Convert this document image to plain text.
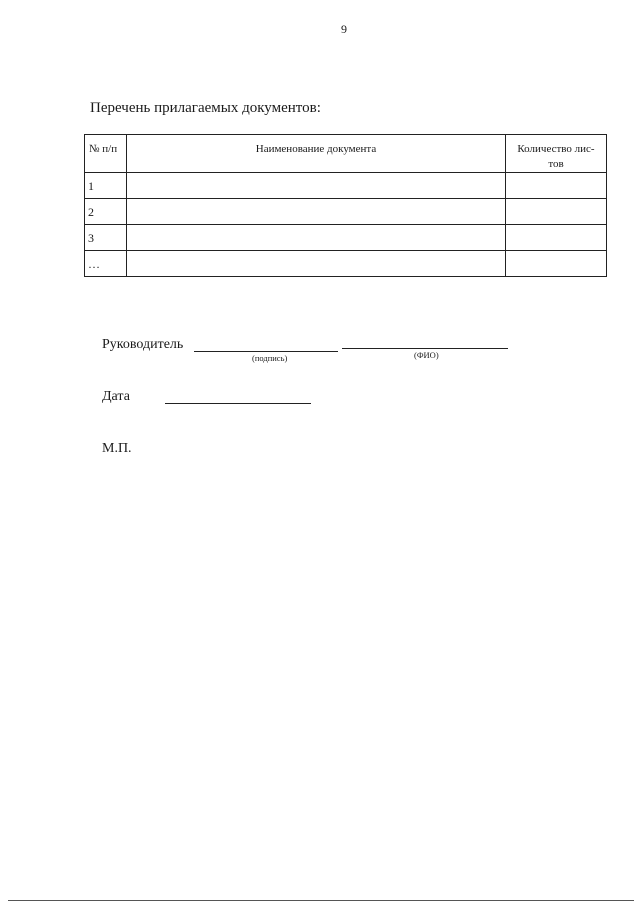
9
Перечень прилагаемых документов:
№ п/п	Наименование документа	Количество лис-
тов
1		
2		
3		
…		
Руководитель
(подпись)	(ФИО)
Дата
М.П.
